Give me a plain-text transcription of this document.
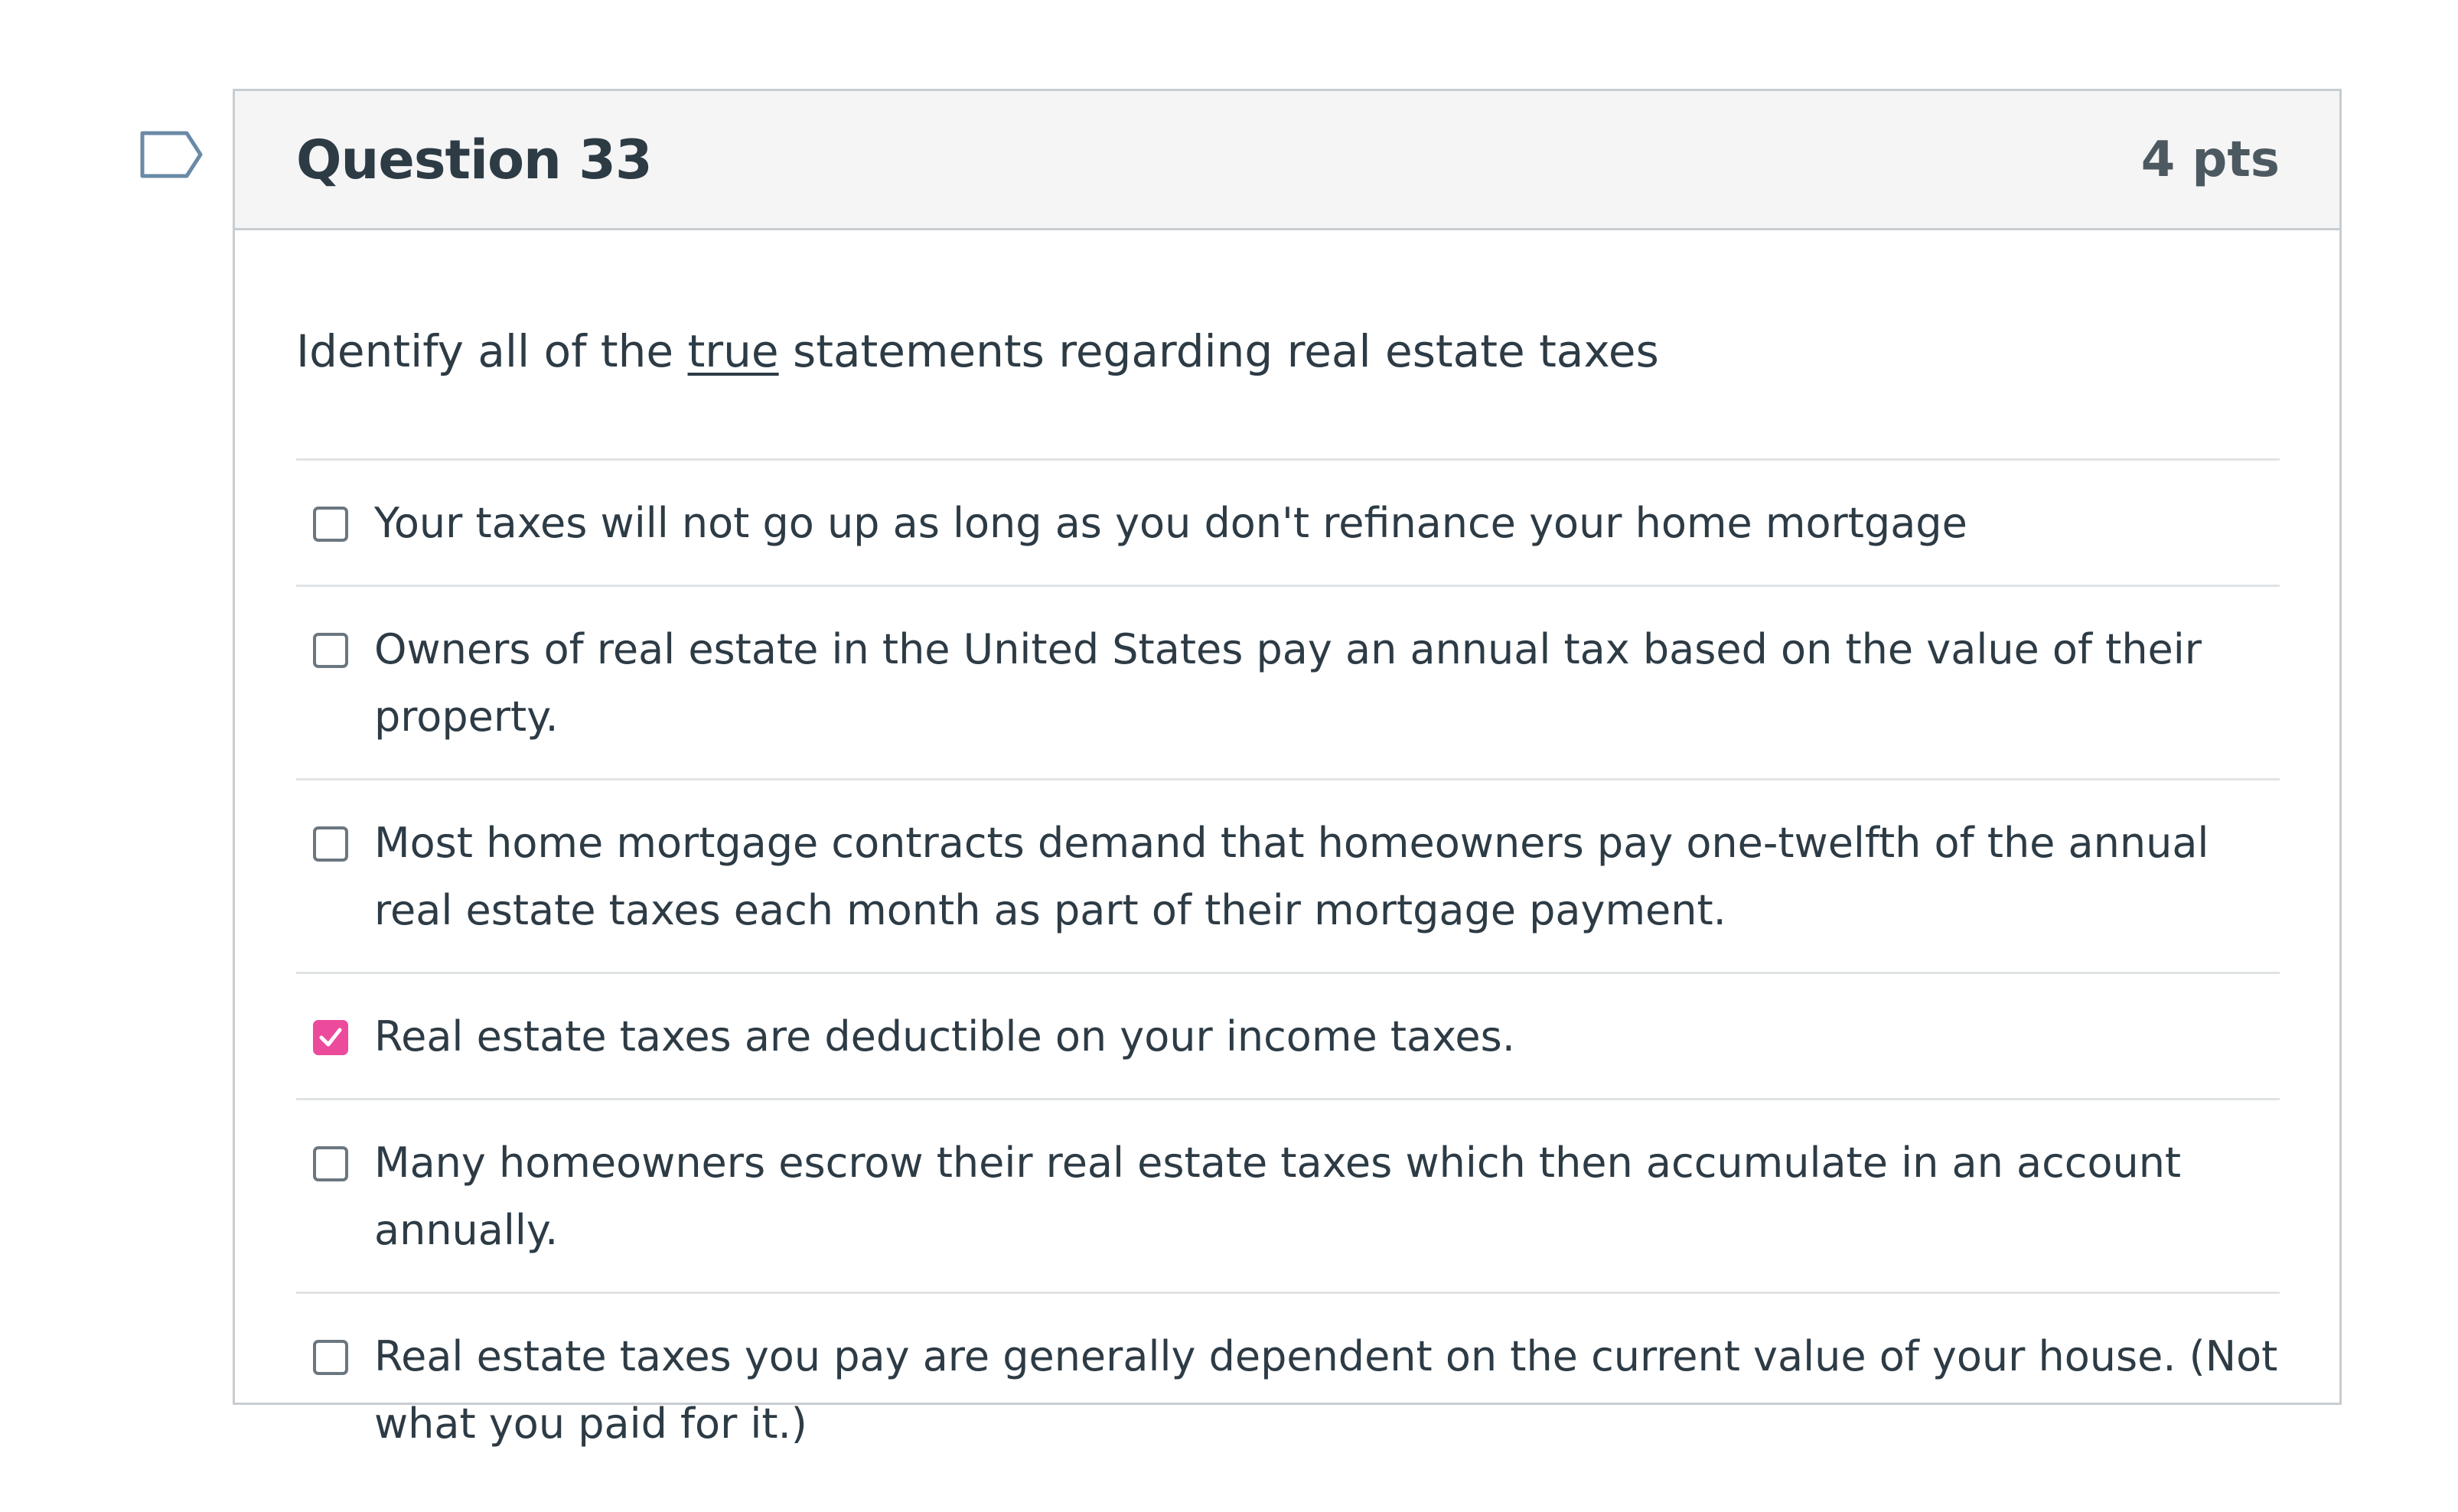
Question 33	4 pts
Identify all of the true statements regarding real estate taxes
Your taxes will not go up as long as you don't refinance your home mortgage
Owners of real estate in the United States pay an annual tax based on the value of their property.
Most home mortgage contracts demand that homeowners pay one-twelfth of the annual real estate taxes each month as part of their mortgage payment.
Real estate taxes are deductible on your income taxes.
Many homeowners escrow their real estate taxes which then accumulate in an account annually.
Real estate taxes you pay are generally dependent on the current value of your house. (Not what you paid for it.)
